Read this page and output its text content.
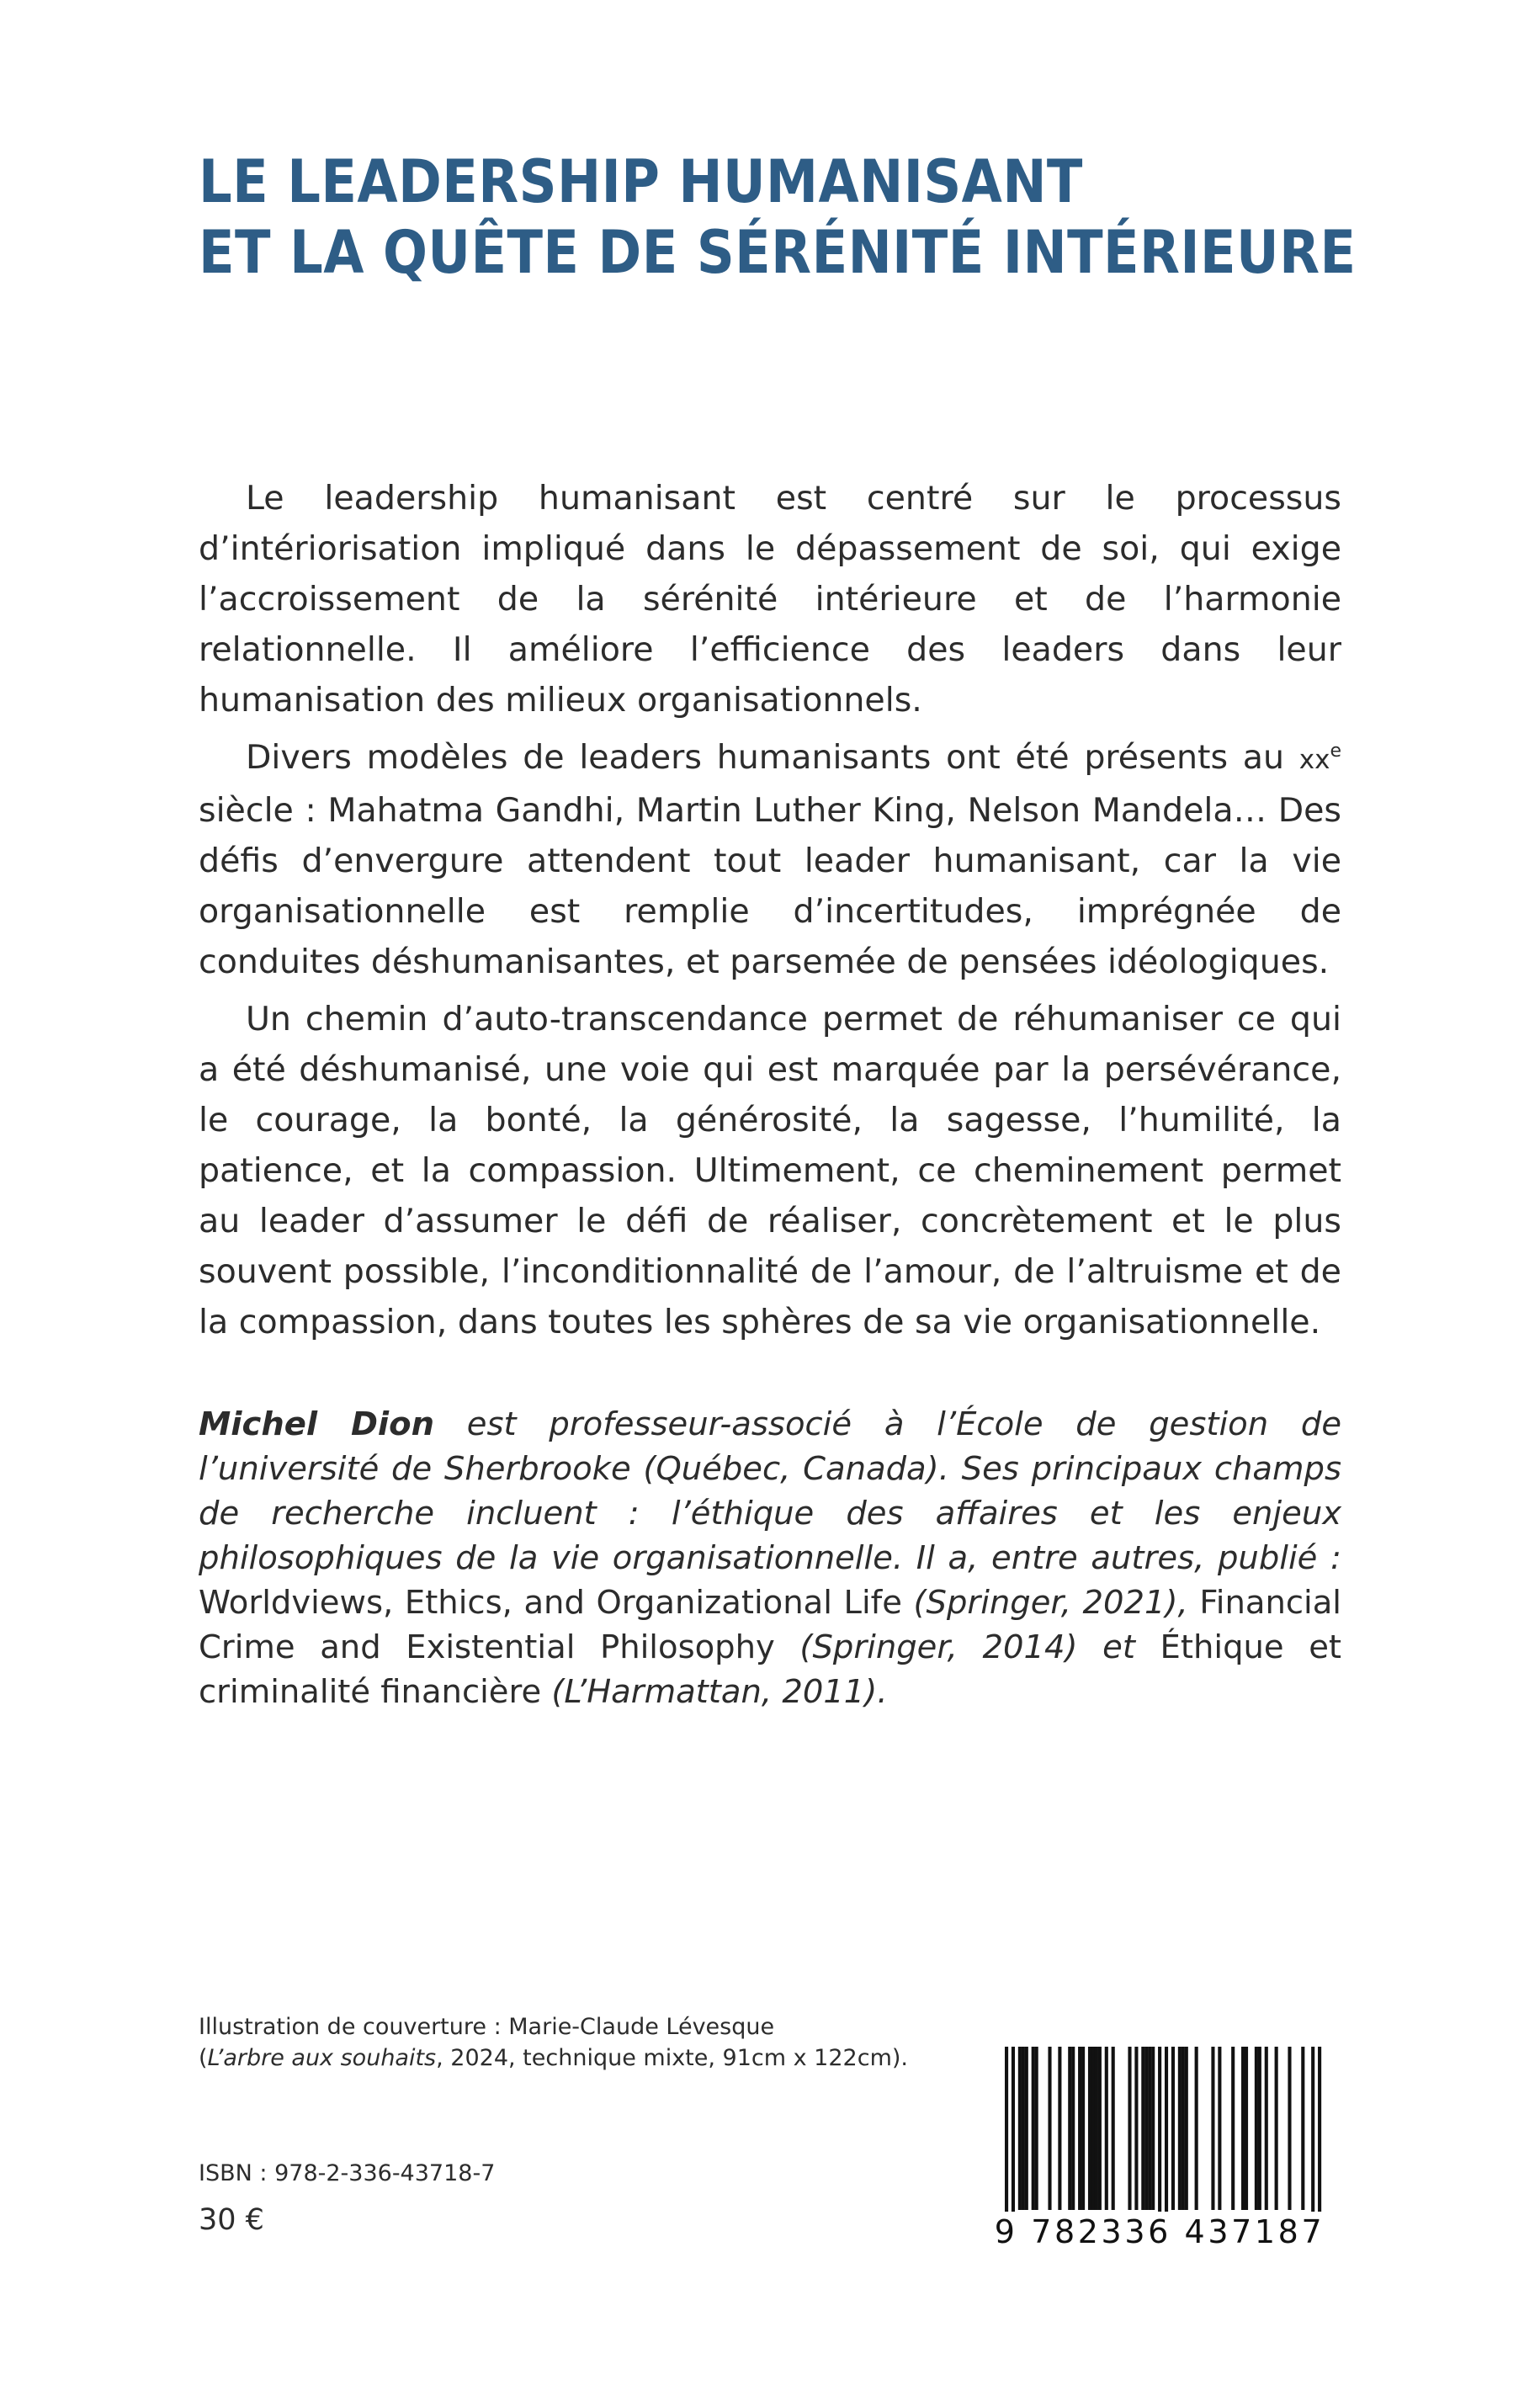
LE LEADERSHIP HUMANISANT
ET LA QUÊTE DE SÉRÉNITÉ INTÉRIEURE

Le leadership humanisant est centré sur le processus d’intériorisation impliqué dans le dépassement de soi, qui exige l’accroissement de la sérénité intérieure et de l’harmonie relationnelle. Il améliore l’efficience des leaders dans leur humanisation des milieux organisationnels.

Divers modèles de leaders humanisants ont été présents au $xx^e$ siècle : Mahatma Gandhi, Martin Luther King, Nelson Mandela… Des défis d’envergure attendent tout leader humanisant, car la vie organisationnelle est remplie d’incertitudes, imprégnée de conduites déshumanisantes, et parsemée de pensées idéologiques.

Un chemin d’auto-transcendance permet de réhumaniser ce qui a été déshumanisé, une voie qui est marquée par la persévérance, le courage, la bonté, la générosité, la sagesse, l’humilité, la patience, et la compassion. Ultimement, ce cheminement permet au leader d’assumer le défi de réaliser, concrètement et le plus souvent possible, l’inconditionnalité de l’amour, de l’altruisme et de la compassion, dans toutes les sphères de sa vie organisationnelle.

Michel Dion est professeur-associé à l’École de gestion de l’université de Sherbrooke (Québec, Canada). Ses principaux champs de recherche incluent : l’éthique des affaires et les enjeux philosophiques de la vie organisationnelle. Il a, entre autres, publié : Worldviews, Ethics, and Organizational Life (Springer, 2021), Financial Crime and Existential Philosophy (Springer, 2014) et Éthique et criminalité financière (L’Harmattan, 2011).
Illustration de couverture : Marie-Claude Lévesque
(L’arbre aux souhaits, 2024, technique mixte, 91cm x 122cm).
ISBN : 978-2-336-43718-7
30 €	9 782336 437187
